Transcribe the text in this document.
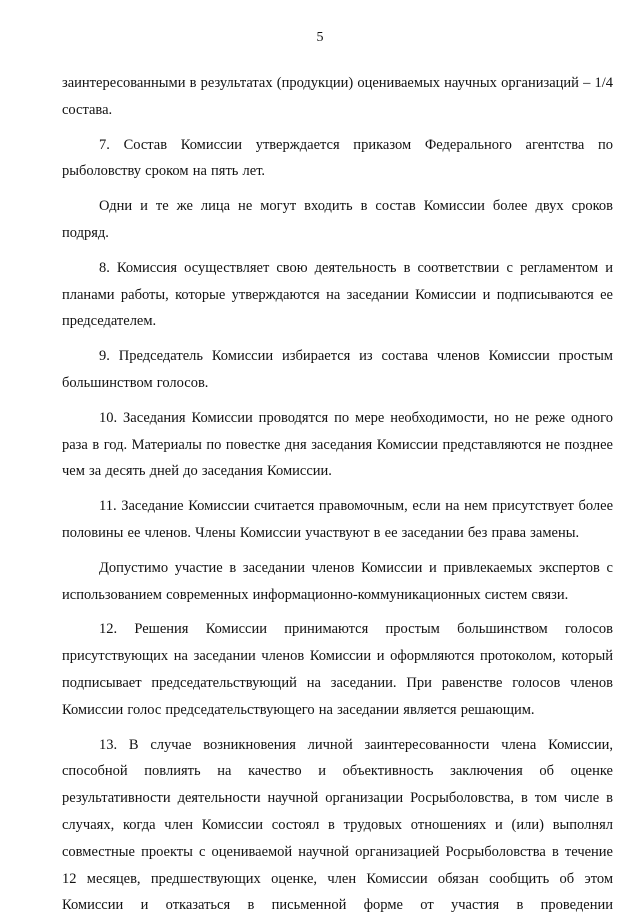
5

заинтересованными в результатах (продукции) оцениваемых научных организаций – 1/4 состава.

7. Состав Комиссии утверждается приказом Федерального агентства по рыболовству сроком на пять лет.

Одни и те же лица не могут входить в состав Комиссии более двух сроков подряд.

8. Комиссия осуществляет свою деятельность в соответствии с регламентом и планами работы, которые утверждаются на заседании Комиссии и подписываются ее председателем.

9. Председатель Комиссии избирается из состава членов Комиссии простым большинством голосов.

10. Заседания Комиссии проводятся по мере необходимости, но не реже одного раза в год. Материалы по повестке дня заседания Комиссии представляются не позднее чем за десять дней до заседания Комиссии.

11. Заседание Комиссии считается правомочным, если на нем присутствует более половины ее членов. Члены Комиссии участвуют в ее заседании без права замены.

Допустимо участие в заседании членов Комиссии и привлекаемых экспертов с использованием современных информационно-коммуникационных систем связи.

12. Решения Комиссии принимаются простым большинством голосов присутствующих на заседании членов Комиссии и оформляются протоколом, который подписывает председательствующий на заседании. При равенстве голосов членов Комиссии голос председательствующего на заседании является решающим.

13. В случае возникновения личной заинтересованности члена Комиссии, способной повлиять на качество и объективность заключения об оценке результативности деятельности научной организации Росрыболовства, в том числе в случаях, когда член Комиссии состоял в трудовых отношениях и (или) выполнял совместные проекты с оцениваемой научной организацией Росрыболовства в течение 12 месяцев, предшествующих оценке, член Комиссии обязан сообщить об этом Комиссии и отказаться в письменной форме от участия в проведении
